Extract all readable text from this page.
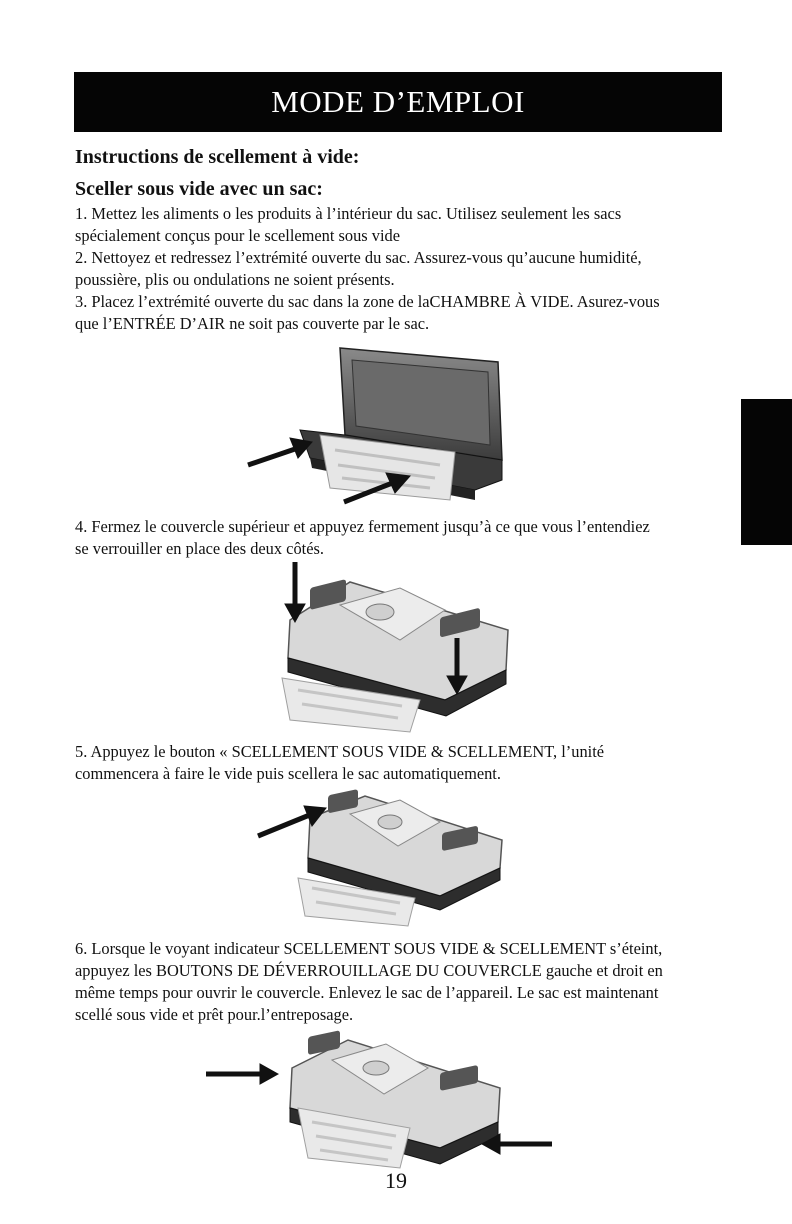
MODE D’EMPLOI
Instructions de scellement à vide:
Sceller sous vide avec un sac:

1. Mettez les aliments o les produits à l’intérieur du sac. Utilisez seulement les sacs
spécialement conçus pour le scellement sous vide
2. Nettoyez et redressez l’extrémité ouverte du sac. Assurez-vous qu’aucune humidité,
poussière, plis ou ondulations ne soient présents.
3. Placez l’extrémité ouverte du sac dans la zone de laCHAMBRE À VIDE. Asurez-vous
que l’ENTRÉE D’AIR ne soit pas couverte par le sac.

4. Fermez le couvercle supérieur et appuyez fermement jusqu’à ce que vous l’entendiez
se verrouiller en place des deux côtés.

5. Appuyez le bouton « SCELLEMENT SOUS VIDE & SCELLEMENT, l’unité
commencera à faire le vide puis scellera le sac automatiquement.

6. Lorsque le voyant indicateur SCELLEMENT SOUS VIDE & SCELLEMENT s’éteint,
appuyez les BOUTONS DE DÉVERROUILLAGE DU COUVERCLE gauche et droit en
même temps pour ouvrir le couvercle. Enlevez le sac de l’appareil. Le sac est maintenant
scellé sous vide et prêt pour.l’entreposage.

19
